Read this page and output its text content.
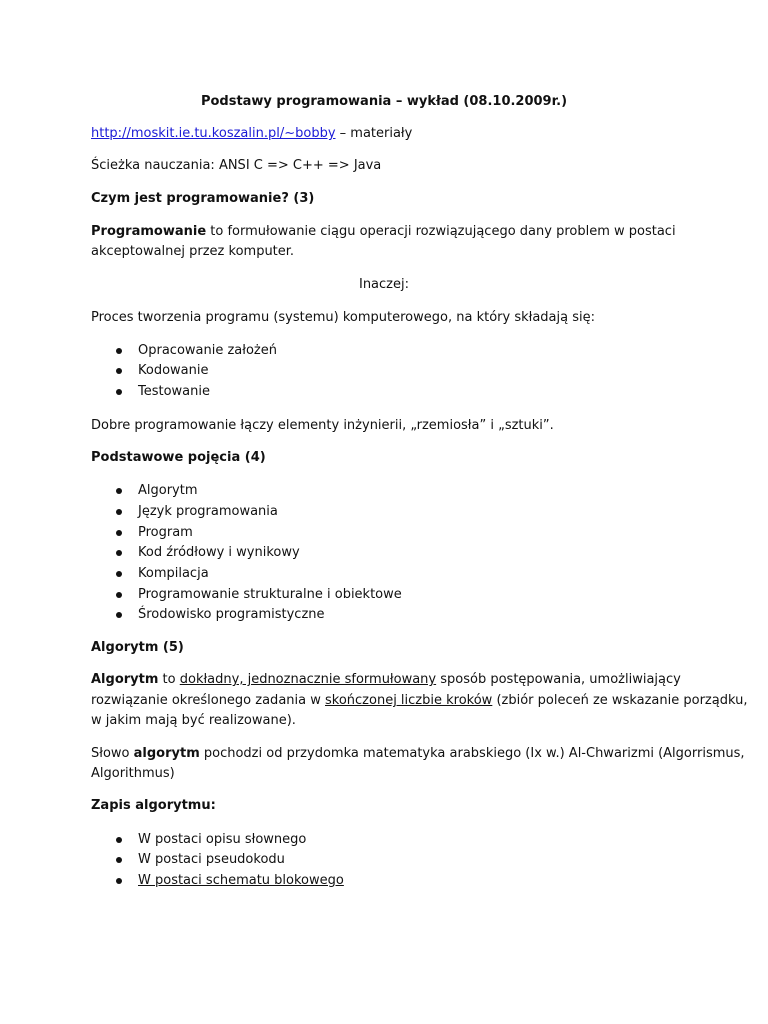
Podstawy programowania – wykład (08.10.2009r.)
http://moskit.ie.tu.koszalin.pl/~bobby – materiały
Ścieżka nauczania: ANSI C => C++ => Java
Czym jest programowanie? (3)
Programowanie to formułowanie ciągu operacji rozwiązującego dany problem w postaci
akceptowalnej przez komputer.
Inaczej:
Proces tworzenia programu (systemu) komputerowego, na który składają się:
Opracowanie założeń
Kodowanie
Testowanie
Dobre programowanie łączy elementy inżynierii, „rzemiosła” i „sztuki”.
Podstawowe pojęcia (4)
Algorytm
Język programowania
Program
Kod źródłowy i wynikowy
Kompilacja
Programowanie strukturalne i obiektowe
Środowisko programistyczne
Algorytm (5)
Algorytm to dokładny, jednoznacznie sformułowany sposób postępowania, umożliwiający
rozwiązanie określonego zadania w skończonej liczbie kroków (zbiór poleceń ze wskazanie porządku,
w jakim mają być realizowane).
Słowo algorytm pochodzi od przydomka matematyka arabskiego (Ix w.) Al-Chwarizmi (Algorrismus,
Algorithmus)
Zapis algorytmu:
W postaci opisu słownego
W postaci pseudokodu
W postaci schematu blokowego
